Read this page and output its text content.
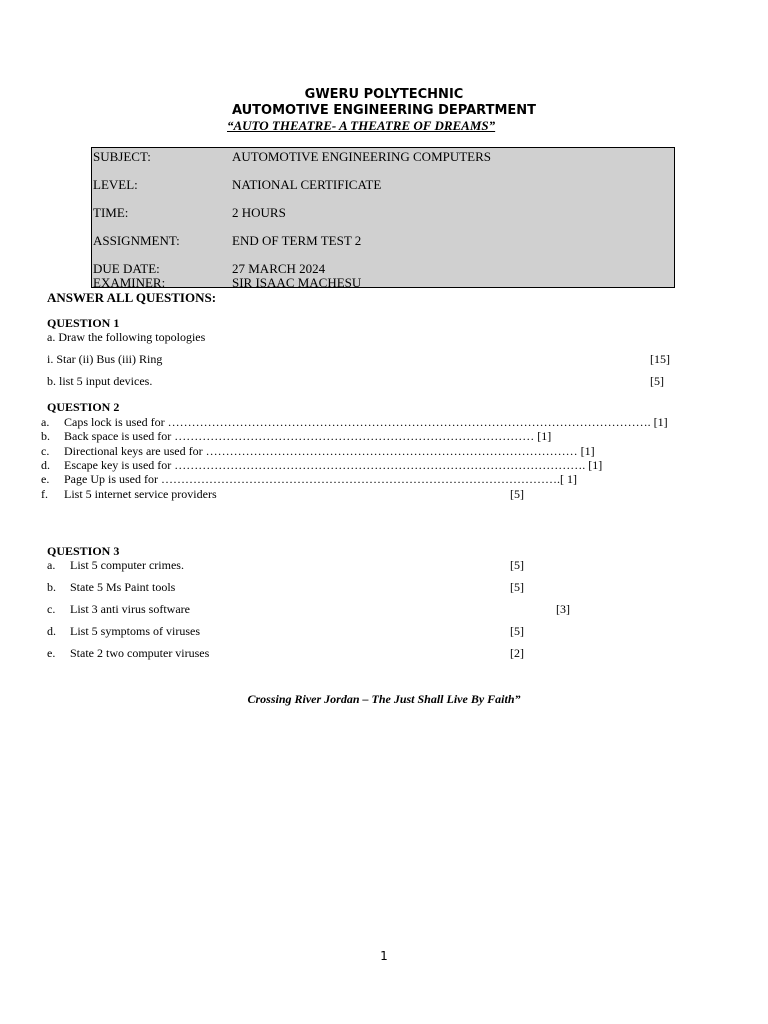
GWERU POLYTECHNIC
AUTOMOTIVE ENGINEERING DEPARTMENT
“AUTO THEATRE- A THEATRE OF DREAMS”
SUBJECT:	AUTOMOTIVE ENGINEERING COMPUTERS
LEVEL:	NATIONAL CERTIFICATE
TIME:	2 HOURS
ASSIGNMENT:	END OF TERM TEST 2
DUE DATE:	27 MARCH 2024
EXAMINER:	SIR ISAAC MACHESU
ANSWER ALL QUESTIONS:
QUESTION 1
a. Draw the following topologies
i. Star (ii) Bus (iii) Ring	[15]
b. list 5 input devices.	[5]
QUESTION 2
a. Caps lock is used for …………………………………………………………………………………………………………. [1]
b. Back space is used for ……………………………………………………………………………… [1]
c. Directional keys are used for ………………………………………………………………………………… [1]
d. Escape key is used for …………………………………………………………………………………………. [1]
e. Page Up is used for ……………………………………………………………………………………….[ 1]
f. List 5 internet service providers	[5]
QUESTION 3
a. List 5 computer crimes.	[5]
b. State 5 Ms Paint tools	[5]
c. List 3 anti virus software	[3]
d. List 5 symptoms of viruses	[5]
e. State 2 two computer viruses	[2]
Crossing River Jordan – The Just Shall Live By Faith”
1
